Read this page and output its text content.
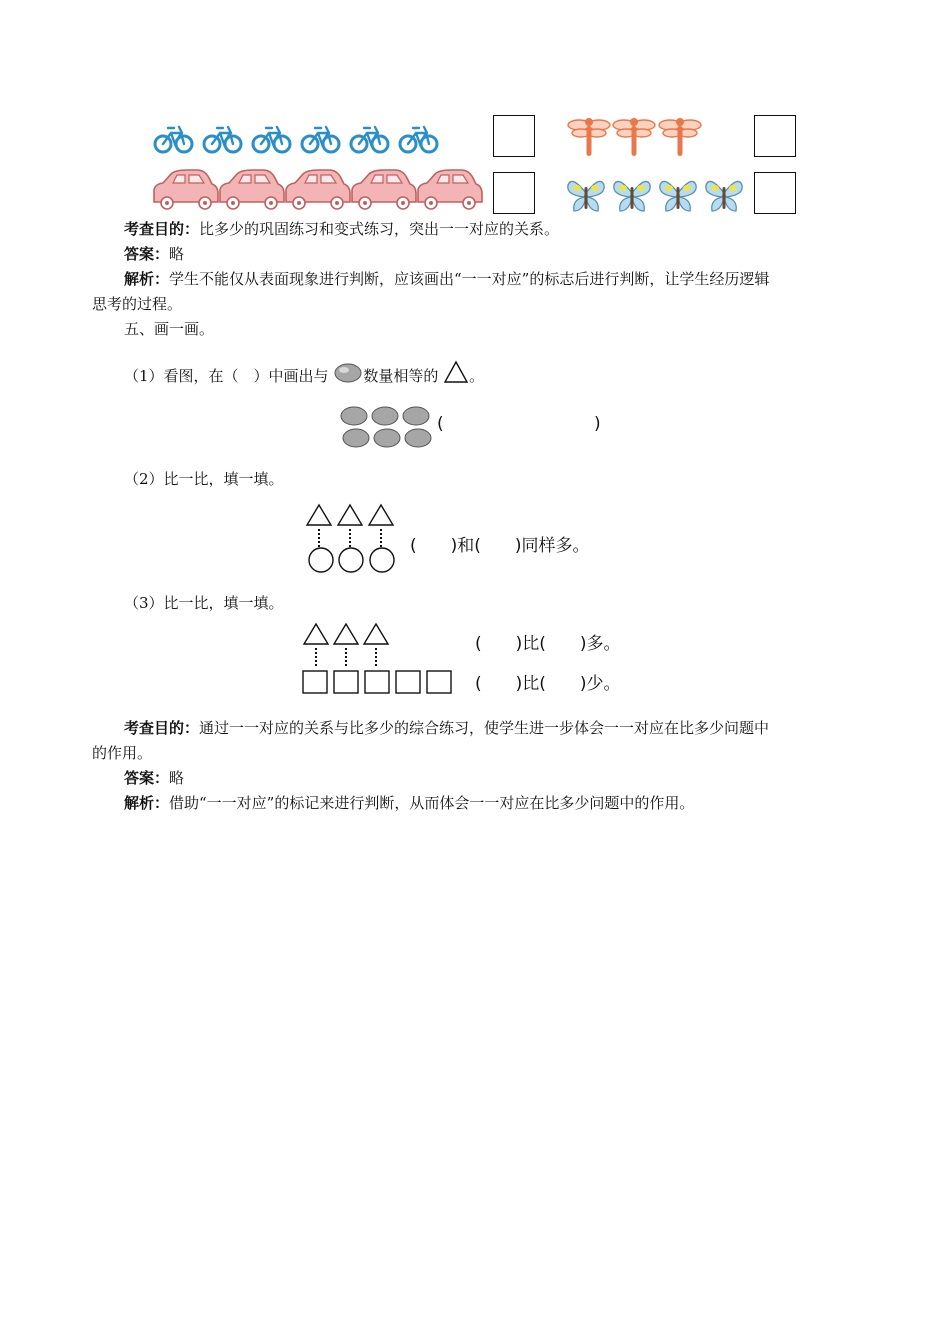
考查目的：比多少的巩固练习和变式练习，突出一一对应的关系。
答案：略
解析：学生不能仅从表面现象进行判断，应该画出“一一对应”的标志后进行判断，让学生经历逻辑
思考的过程。
五、画一画。
（1）看图，在（　）中画出与 数量相等的 。
(	)
（2）比一比，填一填。
(　　)和(　　)同样多。
（3）比一比，填一填。
(　　)比(　　)多。
(　　)比(　　)少。
考查目的：通过一一对应的关系与比多少的综合练习，使学生进一步体会一一对应在比多少问题中
的作用。
答案：略
解析：借助“一一对应”的标记来进行判断，从而体会一一对应在比多少问题中的作用。
